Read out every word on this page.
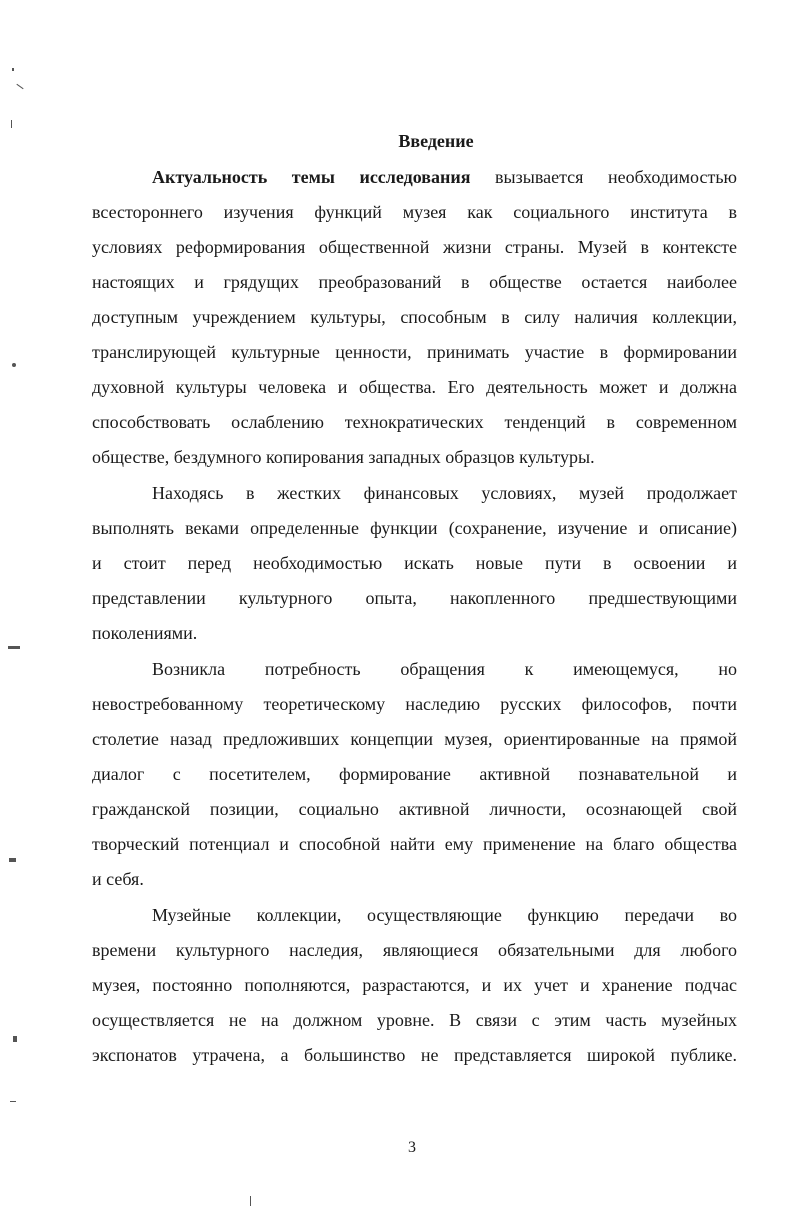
Введение
Актуальность темы исследования вызывается необходимостью
всестороннего изучения функций музея как социального института в
условиях реформирования общественной жизни страны. Музей в контексте
настоящих и грядущих преобразований в обществе остается наиболее
доступным учреждением культуры, способным в силу наличия коллекции,
транслирующей культурные ценности, принимать участие в формировании
духовной культуры человека и общества. Его деятельность может и должна
способствовать ослаблению технократических тенденций в современном
обществе, бездумного копирования западных образцов культуры.
Находясь в жестких финансовых условиях, музей продолжает
выполнять веками определенные функции (сохранение, изучение и описание)
и стоит перед необходимостью искать новые пути в освоении и
представлении культурного опыта, накопленного предшествующими
поколениями.
Возникла потребность обращения к имеющемуся, но
невостребованному теоретическому наследию русских философов, почти
столетие назад предложивших концепции музея, ориентированные на прямой
диалог с посетителем, формирование активной познавательной и
гражданской позиции, социально активной личности, осознающей свой
творческий потенциал и способной найти ему применение на благо общества
и себя.
Музейные коллекции, осуществляющие функцию передачи во
времени культурного наследия, являющиеся обязательными для любого
музея, постоянно пополняются, разрастаются, и их учет и хранение подчас
осуществляется не на должном уровне. В связи с этим часть музейных
экспонатов утрачена, а большинство не представляется широкой публике.
3
